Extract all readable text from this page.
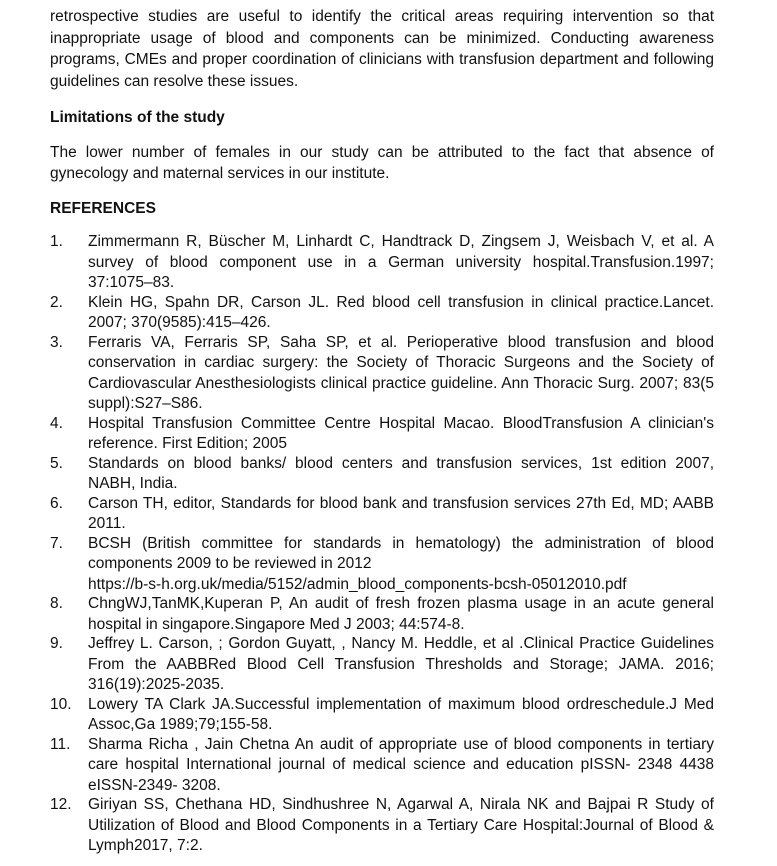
retrospective studies are useful to identify the critical areas requiring intervention so that inappropriate usage of blood and components can be minimized. Conducting awareness programs, CMEs and proper coordination of clinicians with transfusion department and following guidelines can resolve these issues.

Limitations of the study

The lower number of females in our study can be attributed to the fact that absence of gynecology and maternal services in our institute.

REFERENCES

1.	Zimmermann R, Büscher M, Linhardt C, Handtrack D, Zingsem J, Weisbach V, et al. A survey of blood component use in a German university hospital.Transfusion.1997; 37:1075–83.
2.	Klein HG, Spahn DR, Carson JL. Red blood cell transfusion in clinical practice.Lancet. 2007; 370(9585):415–426.
3.	Ferraris VA, Ferraris SP, Saha SP, et al. Perioperative blood transfusion and blood conservation in cardiac surgery: the Society of Thoracic Surgeons and the Society of Cardiovascular Anesthesiologists clinical practice guideline. Ann Thoracic Surg. 2007; 83(5 suppl):S27–S86.
4.	Hospital Transfusion Committee Centre Hospital Macao. BloodTransfusion A clinician's reference. First Edition; 2005
5.	Standards on blood banks/ blood centers and transfusion services, 1st edition 2007, NABH, India.
6.	Carson TH, editor, Standards for blood bank and transfusion services 27th Ed, MD; AABB 2011.
7.	BCSH (British committee for standards in hematology) the administration of blood components 2009 to be reviewed in 2012
https://b-s-h.org.uk/media/5152/admin_blood_components-bcsh-05012010.pdf
8.	ChngWJ,TanMK,Kuperan P, An audit of fresh frozen plasma usage in an acute general hospital in singapore.Singapore Med J 2003; 44:574-8.
9.	Jeffrey L. Carson, ; Gordon Guyatt, , Nancy M. Heddle, et al .Clinical Practice Guidelines From the AABBRed Blood Cell Transfusion Thresholds and Storage; JAMA. 2016; 316(19):2025-2035.
10.	Lowery TA Clark JA.Successful implementation of maximum blood ordreschedule.J Med Assoc,Ga 1989;79;155-58.
11.	Sharma Richa , Jain Chetna An audit of appropriate use of blood components in tertiary care hospital International journal of medical science and education pISSN- 2348 4438 eISSN-2349- 3208.
12.	Giriyan SS, Chethana HD, Sindhushree N, Agarwal A, Nirala NK and Bajpai R Study of Utilization of Blood and Blood Components in a Tertiary Care Hospital:Journal of Blood & Lymph2017, 7:2.
